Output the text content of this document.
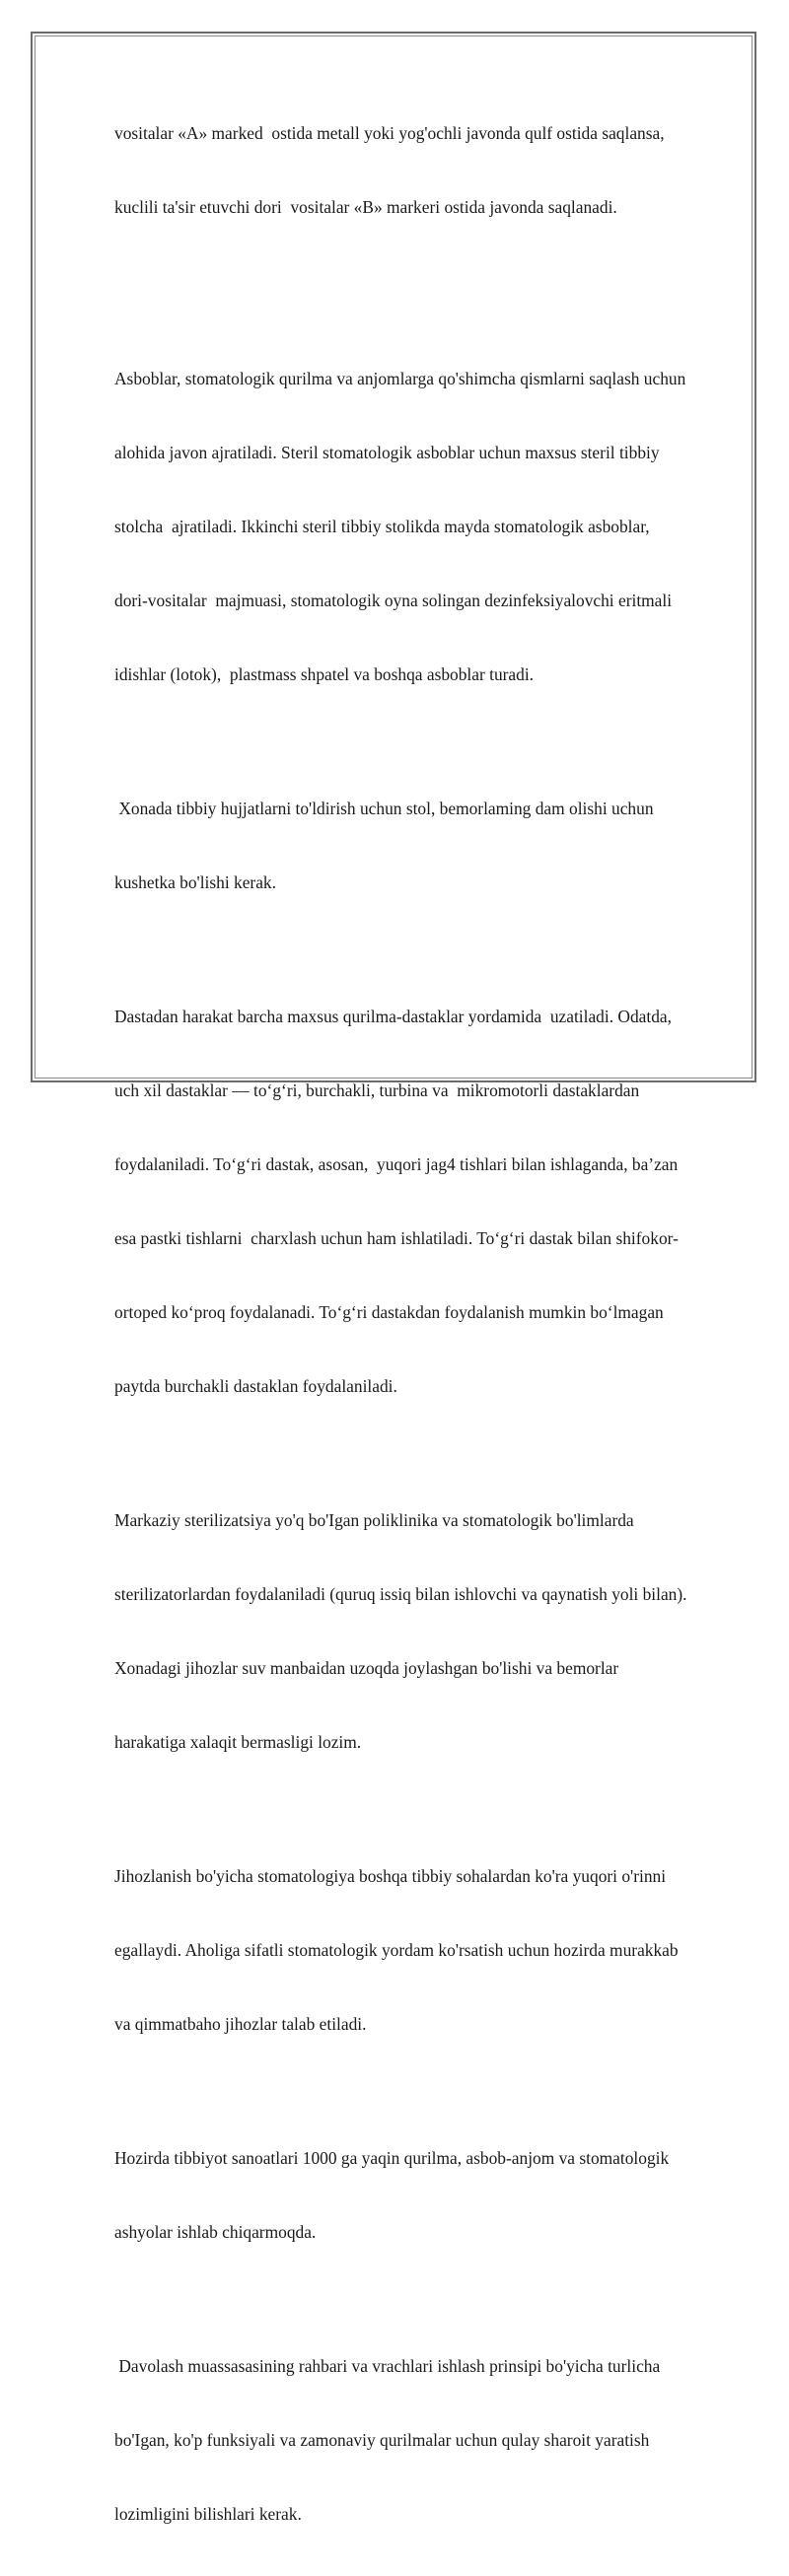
vositalar «A» marked  ostida metall yoki yog'ochli javonda qulf ostida saqlansa,

kuclili ta'sir etuvchi dori  vositalar «B» markeri ostida javonda saqlanadi.

Asboblar, stomatologik qurilma va anjomlarga qo'shimcha qismlarni saqlash uchun

alohida javon ajratiladi. Steril stomatologik asboblar uchun maxsus steril tibbiy

stolcha  ajratiladi. Ikkinchi steril tibbiy stolikda mayda stomatologik asboblar,

dori-vositalar  majmuasi, stomatologik oyna solingan dezinfeksiyalovchi eritmali

idishlar (lotok),  plastmass shpatel va boshqa asboblar turadi.

Xonada tibbiy hujjatlarni to'ldirish uchun stol, bemorlaming dam olishi uchun

kushetka bo'lishi kerak.

Dastadan harakat barcha maxsus qurilma-dastaklar yordamida  uzatiladi. Odatda,

uch xil dastaklar — to‘g‘ri, burchakli, turbina va  mikromotorli dastaklardan

foydalaniladi. To‘g‘ri dastak, asosan,  yuqori jag4 tishlari bilan ishlaganda, ba’zan

esa pastki tishlarni  charxlash uchun ham ishlatiladi. To‘g‘ri dastak bilan shifokor-

ortoped ko‘proq foydalanadi. To‘g‘ri dastakdan foydalanish mumkin bo‘lmagan

paytda burchakli dastaklan foydalaniladi.

Markaziy sterilizatsiya yo'q bo'Igan poliklinika va stomatologik bo'limlarda

sterilizatorlardan foydalaniladi (quruq issiq bilan ishlovchi va qaynatish yoli bilan).

Xonadagi jihozlar suv manbaidan uzoqda joylashgan bo'lishi va bemorlar

harakatiga xalaqit bermasligi lozim.

Jihozlanish bo'yicha stomatologiya boshqa tibbiy sohalardan ko'ra yuqori o'rinni

egallaydi. Aholiga sifatli stomatologik yordam ko'rsatish uchun hozirda murakkab

va qimmatbaho jihozlar talab etiladi.

Hozirda tibbiyot sanoatlari 1000 ga yaqin qurilma, asbob-anjom va stomatologik

ashyolar ishlab chiqarmoqda.

Davolash muassasasining rahbari va vrachlari ishlash prinsipi bo'yicha turlicha

bo'Igan, ko'p funksiyali va zamonaviy qurilmalar uchun qulay sharoit yaratish

lozimligini bilishlari kerak.
